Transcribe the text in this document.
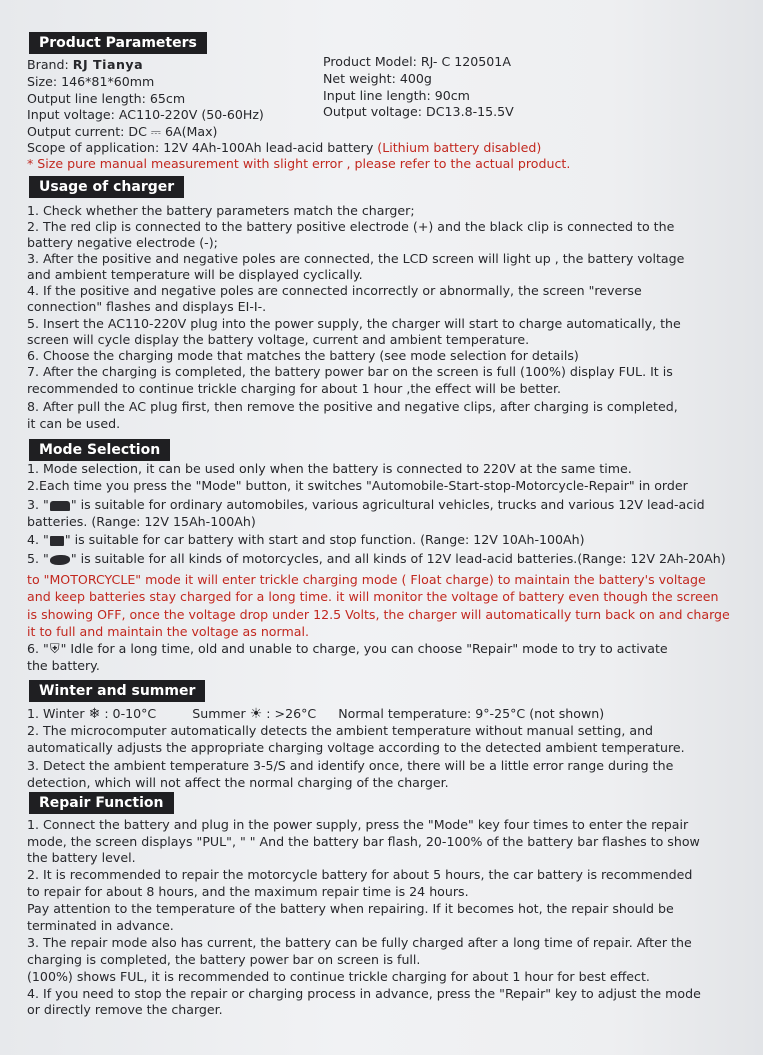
Product Parameters
Brand: RJ Tianya
Size: 146*81*60mm
Output line length: 65cm
Input voltage: AC110-220V (50-60Hz)
Output current: DC ⎓ 6A(Max)
Scope of application: 12V 4Ah-100Ah lead-acid battery (Lithium battery disabled)
* Size pure manual measurement with slight error , please refer to the actual product.
Product Model: RJ- C 120501A
Net weight: 400g
Input line length: 90cm
Output voltage: DC13.8-15.5V
Usage of charger
1. Check whether the battery parameters match the charger;
2. The red clip is connected to the battery positive electrode (+) and the black clip is connected to the
battery negative electrode (-);
3. After the positive and negative poles are connected, the LCD screen will light up , the battery voltage
and ambient temperature will be displayed cyclically.
4. If the positive and negative poles are connected incorrectly or abnormally, the screen "reverse
connection" flashes and displays EI-I-.
5. Insert the AC110-220V plug into the power supply, the charger will start to charge automatically, the
screen will cycle display the battery voltage, current and ambient temperature.
6. Choose the charging mode that matches the battery (see mode selection for details)
7. After the charging is completed, the battery power bar on the screen is full (100%) display FUL. It is
recommended to continue trickle charging for about 1 hour ,the effect will be better.
8. After pull the AC plug first, then remove the positive and negative clips, after charging is completed,
it can be used.
Mode Selection
1. Mode selection, it can be used only when the battery is connected to 220V at the same time.
2.Each time you press the "Mode" button, it switches "Automobile-Start-stop-Motorcycle-Repair" in order
3. " " is suitable for ordinary automobiles, various agricultural vehicles, trucks and various 12V lead-acid
batteries. (Range: 12V 15Ah-100Ah)
4. " " is suitable for car battery with start and stop function. (Range: 12V 10Ah-100Ah)
5. " " is suitable for all kinds of motorcycles, and all kinds of 12V lead-acid batteries.(Range: 12V 2Ah-20Ah)
to "MOTORCYCLE" mode it will enter trickle charging mode ( Float charge) to maintain the battery's voltage
and keep batteries stay charged for a long time. it will monitor the voltage of battery even though the screen
is showing OFF, once the voltage drop under 12.5 Volts, the charger will automatically turn back on and charge
it to full and maintain the voltage as normal.
6. "⛨" Idle for a long time, old and unable to charge, you can choose "Repair" mode to try to activate
the battery.
Winter and summer
1. Winter ❄ : 0-10°C	Summer ☀ : >26°C Normal temperature: 9°-25°C (not shown)
2. The microcomputer automatically detects the ambient temperature without manual setting, and
automatically adjusts the appropriate charging voltage according to the detected ambient temperature.
3. Detect the ambient temperature 3-5/S and identify once, there will be a little error range during the
detection, which will not affect the normal charging of the charger.
Repair Function
1. Connect the battery and plug in the power supply, press the "Mode" key four times to enter the repair
mode, the screen displays "PUL", " " And the battery bar flash, 20-100% of the battery bar flashes to show
the battery level.
2. It is recommended to repair the motorcycle battery for about 5 hours, the car battery is recommended
to repair for about 8 hours, and the maximum repair time is 24 hours.
Pay attention to the temperature of the battery when repairing. If it becomes hot, the repair should be
terminated in advance.
3. The repair mode also has current, the battery can be fully charged after a long time of repair. After the
charging is completed, the battery power bar on screen is full.
(100%) shows FUL, it is recommended to continue trickle charging for about 1 hour for best effect.
4. If you need to stop the repair or charging process in advance, press the "Repair" key to adjust the mode
or directly remove the charger.
